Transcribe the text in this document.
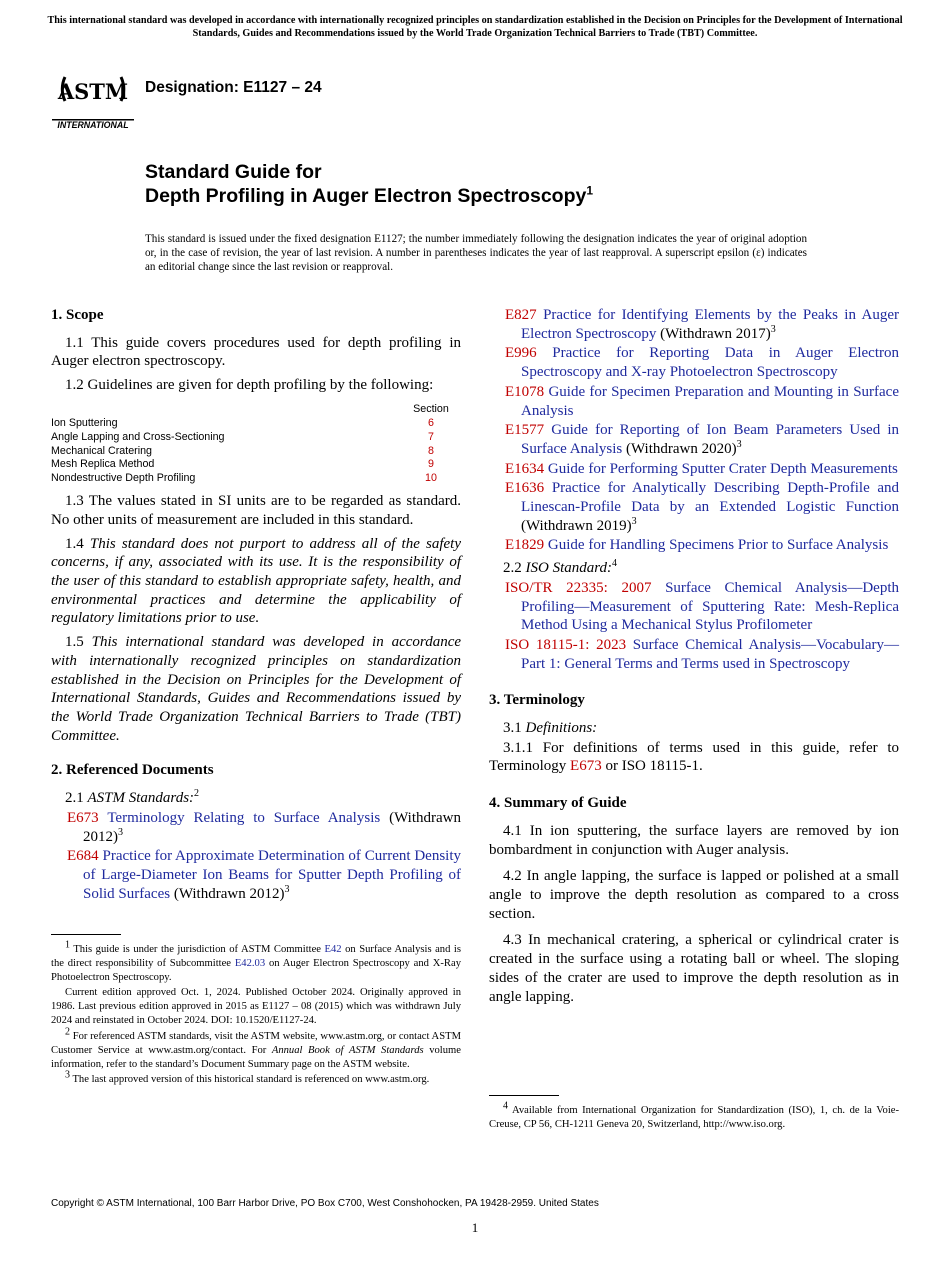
This international standard was developed in accordance with internationally recognized principles on standardization established in the Decision on Principles for the Development of International Standards, Guides and Recommendations issued by the World Trade Organization Technical Barriers to Trade (TBT) Committee.
ASTM
INTERNATIONAL
Designation: E1127 – 24
Standard Guide for
Depth Profiling in Auger Electron Spectroscopy$^1$
This standard is issued under the fixed designation E1127; the number immediately following the designation indicates the year of original adoption or, in the case of revision, the year of last revision. A number in parentheses indicates the year of last reapproval. A superscript epsilon (ε) indicates an editorial change since the last revision or reapproval.
1. Scope

1.1 This guide covers procedures used for depth profiling in Auger electron spectroscopy.

1.2 Guidelines are given for depth profiling by the following:

Section
Ion Sputtering	6
Angle Lapping and Cross-Sectioning	7
Mechanical Cratering	8
Mesh Replica Method	9
Nondestructive Depth Profiling	10

1.3 The values stated in SI units are to be regarded as standard. No other units of measurement are included in this standard.

1.4 This standard does not purport to address all of the safety concerns, if any, associated with its use. It is the responsibility of the user of this standard to establish appropriate safety, health, and environmental practices and determine the applicability of regulatory limitations prior to use.

1.5 This international standard was developed in accordance with internationally recognized principles on standardization established in the Decision on Principles for the Development of International Standards, Guides and Recommendations issued by the World Trade Organization Technical Barriers to Trade (TBT) Committee.

2. Referenced Documents

2.1 ASTM Standards:$^2$

E673 Terminology Relating to Surface Analysis (Withdrawn 2012)$^3$

E684 Practice for Approximate Determination of Current Density of Large-Diameter Ion Beams for Sputter Depth Profiling of Solid Surfaces (Withdrawn 2012)$^3$

$^1$ This guide is under the jurisdiction of ASTM Committee E42 on Surface Analysis and is the direct responsibility of Subcommittee E42.03 on Auger Electron Spectroscopy and X-Ray Photoelectron Spectroscopy.

Current edition approved Oct. 1, 2024. Published October 2024. Originally approved in 1986. Last previous edition approved in 2015 as E1127 – 08 (2015) which was withdrawn July 2024 and reinstated in October 2024. DOI: 10.1520/E1127-24.

$^2$ For referenced ASTM standards, visit the ASTM website, www.astm.org, or contact ASTM Customer Service at www.astm.org/contact. For Annual Book of ASTM Standards volume information, refer to the standard’s Document Summary page on the ASTM website.

$^3$ The last approved version of this historical standard is referenced on www.astm.org.

E827 Practice for Identifying Elements by the Peaks in Auger Electron Spectroscopy (Withdrawn 2017)$^3$

E996 Practice for Reporting Data in Auger Electron Spectroscopy and X-ray Photoelectron Spectroscopy

E1078 Guide for Specimen Preparation and Mounting in Surface Analysis

E1577 Guide for Reporting of Ion Beam Parameters Used in Surface Analysis (Withdrawn 2020)$^3$

E1634 Guide for Performing Sputter Crater Depth Measurements

E1636 Practice for Analytically Describing Depth-Profile and Linescan-Profile Data by an Extended Logistic Function (Withdrawn 2019)$^3$

E1829 Guide for Handling Specimens Prior to Surface Analysis

2.2 ISO Standard:$^4$

ISO/TR 22335: 2007 Surface Chemical Analysis—Depth Profiling—Measurement of Sputtering Rate: Mesh-Replica Method Using a Mechanical Stylus Profilometer

ISO 18115-1: 2023 Surface Chemical Analysis—Vocabulary—Part 1: General Terms and Terms used in Spectroscopy

3. Terminology

3.1 Definitions:

3.1.1 For definitions of terms used in this guide, refer to Terminology E673 or ISO 18115-1.

4. Summary of Guide

4.1 In ion sputtering, the surface layers are removed by ion bombardment in conjunction with Auger analysis.

4.2 In angle lapping, the surface is lapped or polished at a small angle to improve the depth resolution as compared to a cross section.

4.3 In mechanical cratering, a spherical or cylindrical crater is created in the surface using a rotating ball or wheel. The sloping sides of the crater are used to improve the depth resolution as in angle lapping.

$^4$ Available from International Organization for Standardization (ISO), 1, ch. de la Voie-Creuse, CP 56, CH-1211 Geneva 20, Switzerland, http://www.iso.org.

Copyright © ASTM International, 100 Barr Harbor Drive, PO Box C700, West Conshohocken, PA 19428-2959. United States
1
